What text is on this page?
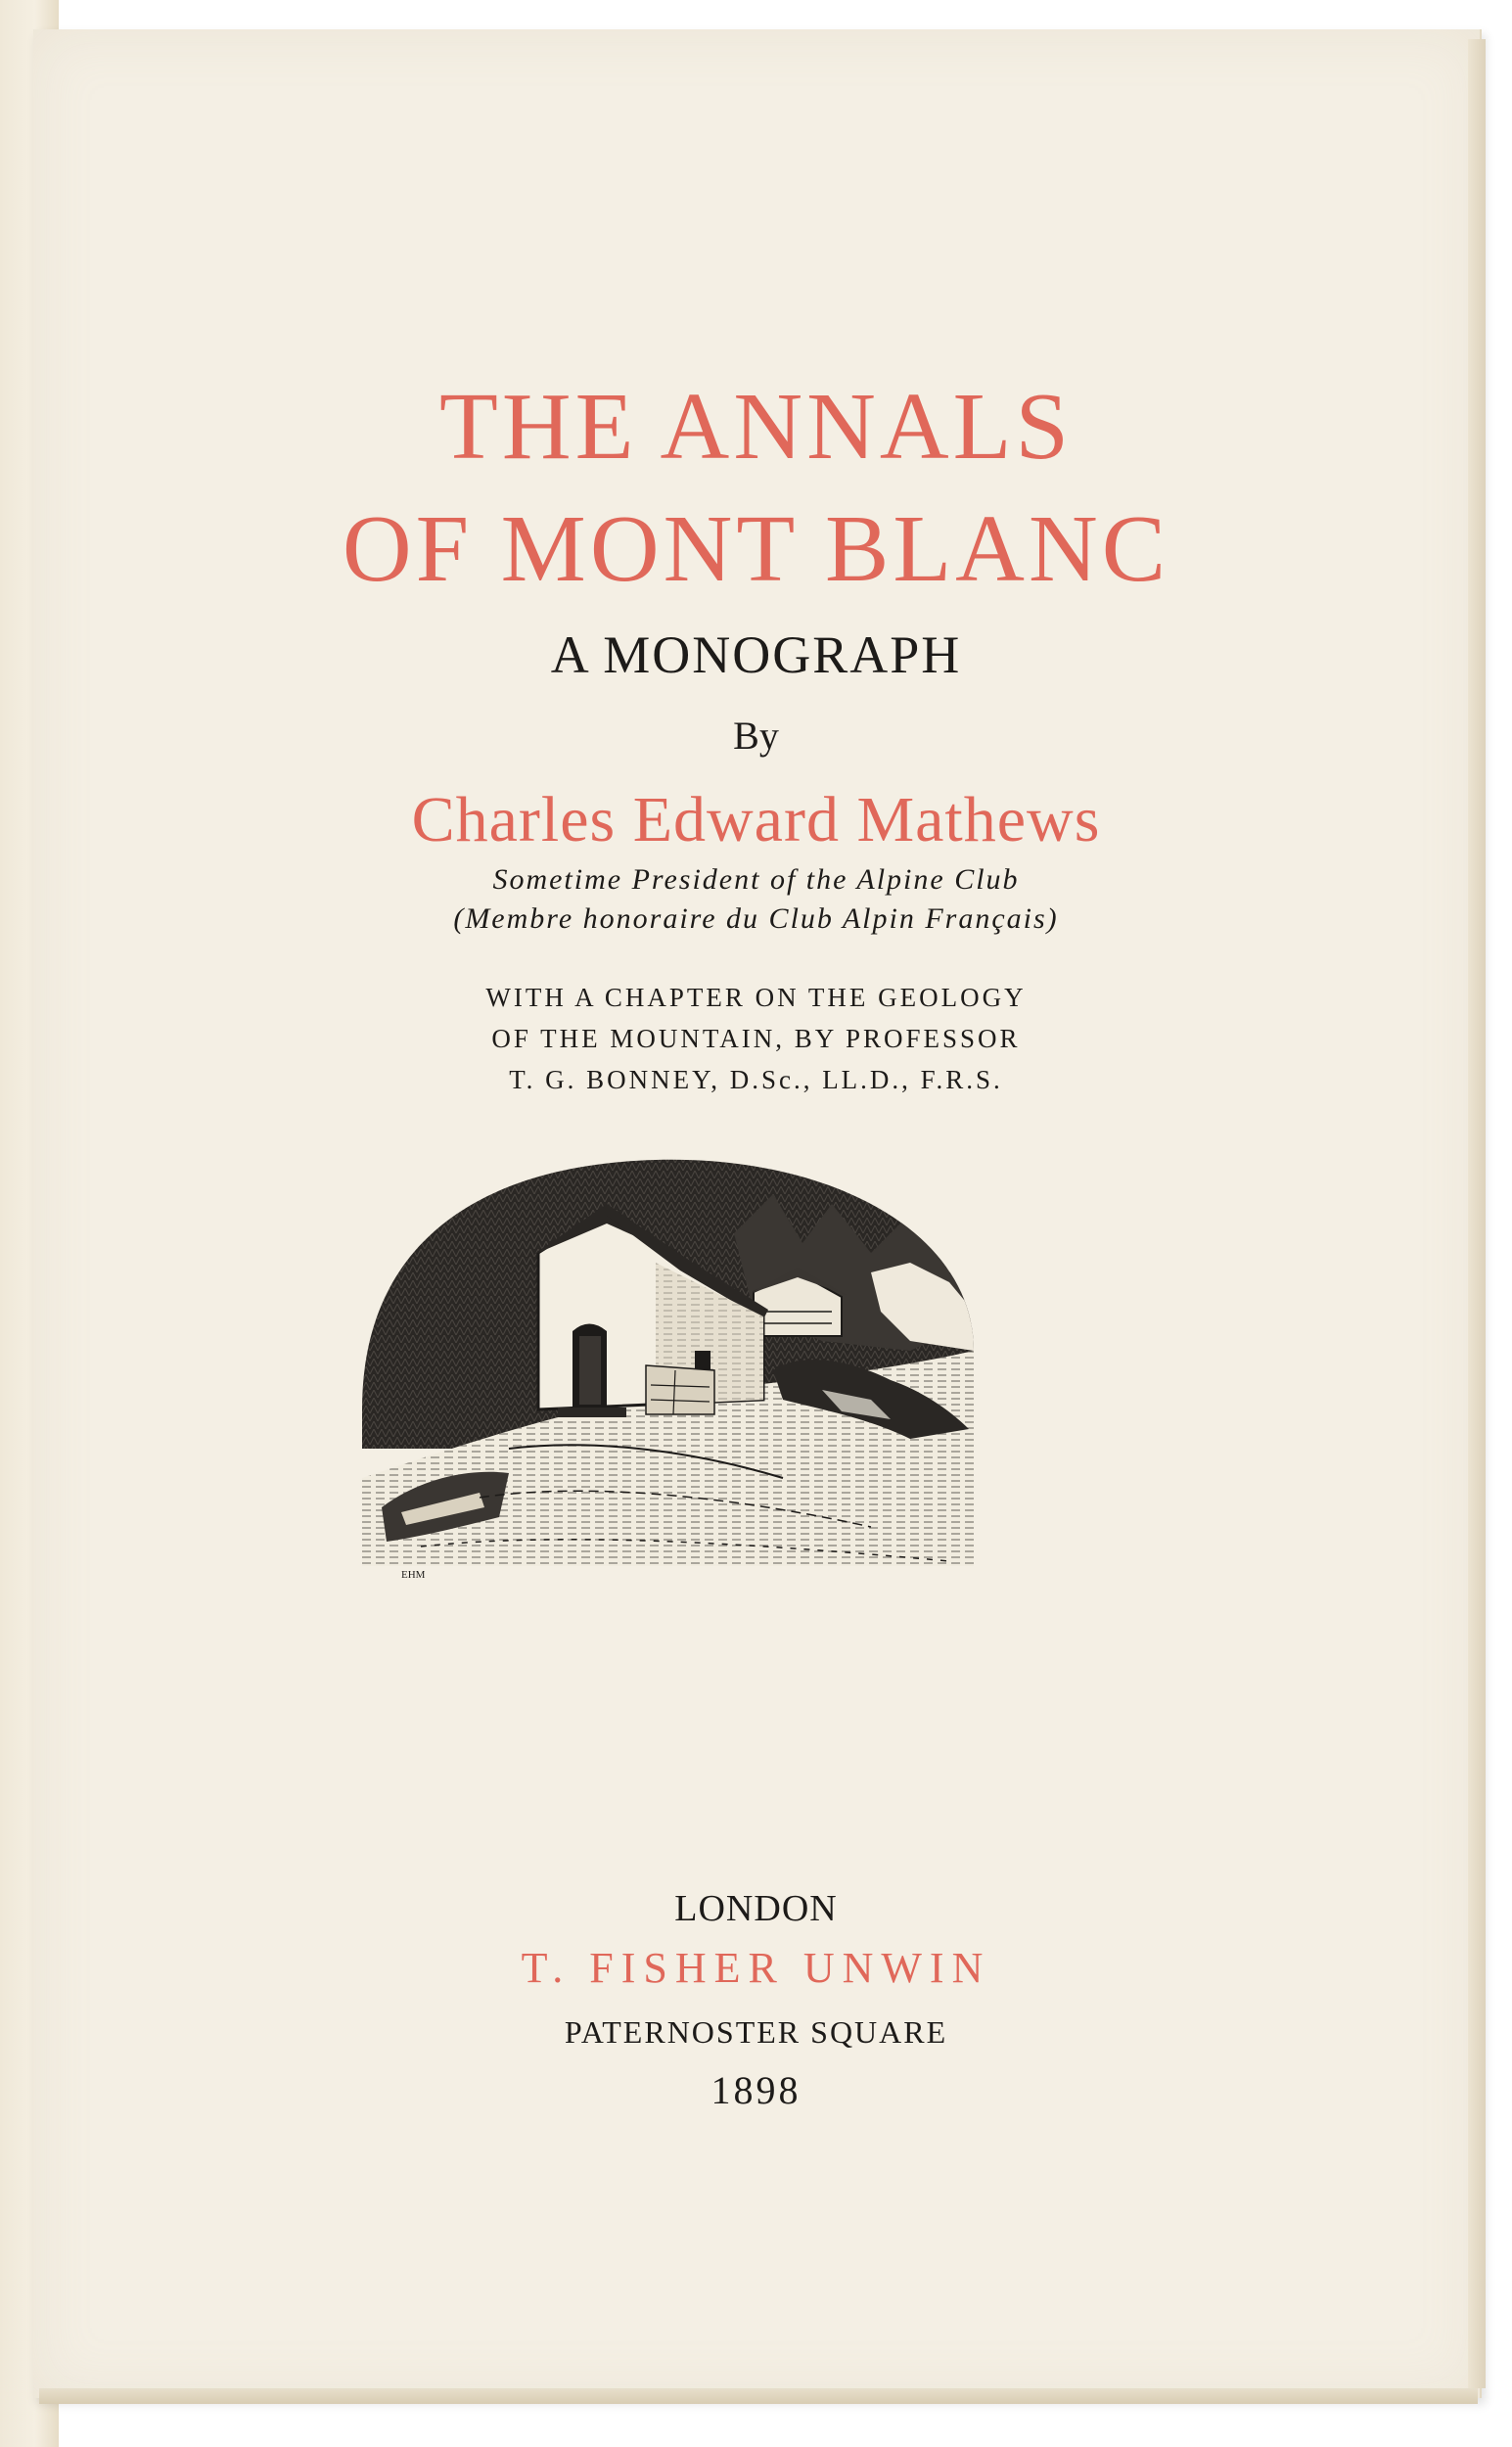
THE ANNALS

OF MONT BLANC

A MONOGRAPH

By

Charles Edward Mathews

Sometime President of the Alpine Club

(Membre honoraire du Club Alpin Français)

WITH A CHAPTER ON THE GEOLOGY

OF THE MOUNTAIN, BY PROFESSOR

T. G. BONNEY, D.Sc., LL.D., F.R.S.

EHM

LONDON

T. FISHER UNWIN

PATERNOSTER SQUARE

1898
